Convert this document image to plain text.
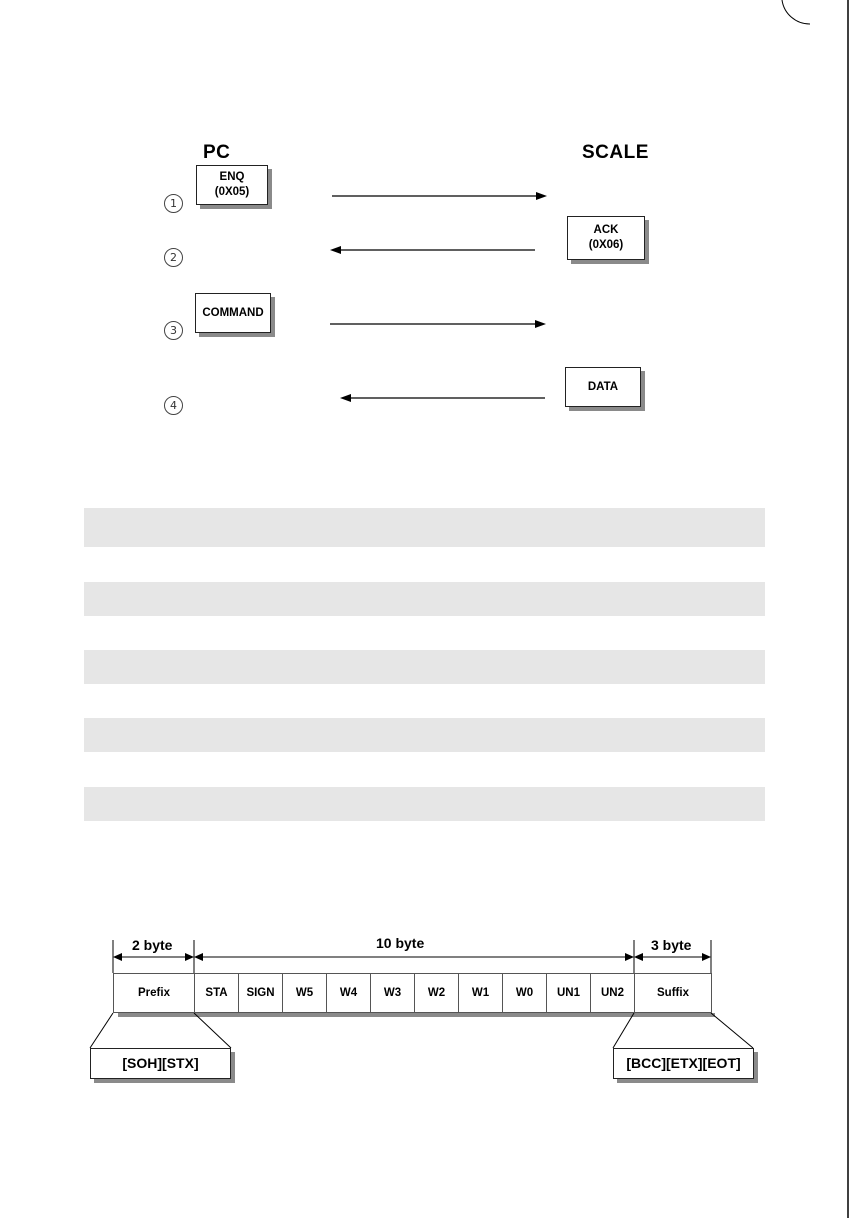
PC	SCALE
1
2
3
4
ENQ
(0X05)
ACK
(0X06)
COMMAND
DATA
2 byte	10 byte	3 byte
Prefix	STA	SIGN	W5	W4	W3	W2	W1	W0	UN1	UN2	Suffix
[SOH][STX]	[BCC][ETX][EOT]
